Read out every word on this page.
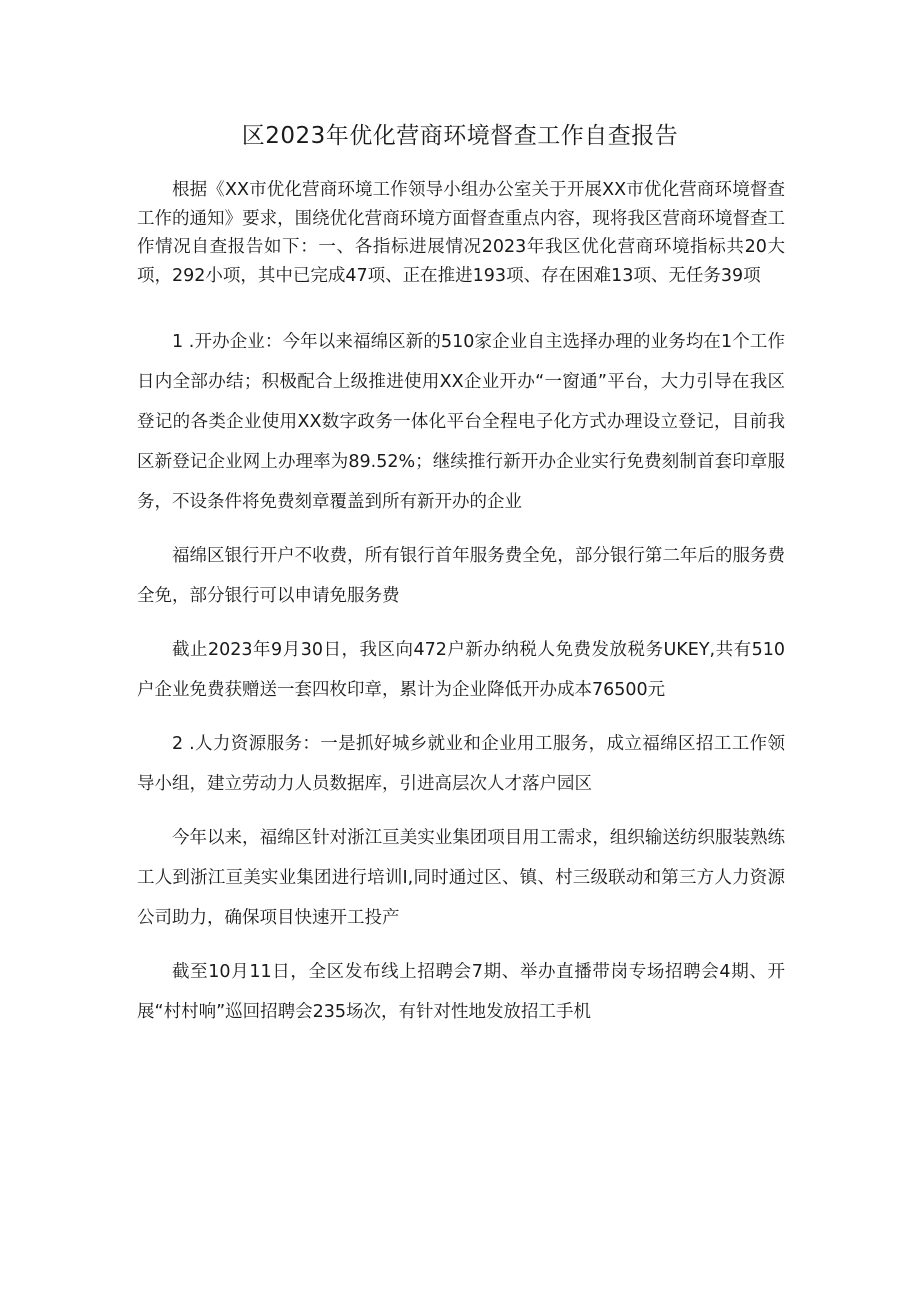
区2023年优化营商环境督查工作自查报告

根据《XX市优化营商环境工作领导小组办公室关于开展XX市优化营商环境督查工作的通知》要求，围绕优化营商环境方面督查重点内容，现将我区营商环境督查工作情况自查报告如下：一、各指标进展情况2023年我区优化营商环境指标共20大项，292小项，其中已完成47项、正在推进193项、存在困难13项、无任务39项

1 .开办企业：今年以来福绵区新的510家企业自主选择办理的业务均在1个工作日内全部办结；积极配合上级推进使用XX企业开办“一窗通”平台，大力引导在我区登记的各类企业使用XX数字政务一体化平台全程电子化方式办理设立登记，目前我区新登记企业网上办理率为89.52%；继续推行新开办企业实行免费刻制首套印章服务，不设条件将免费刻章覆盖到所有新开办的企业

福绵区银行开户不收费，所有银行首年服务费全免，部分银行第二年后的服务费全免，部分银行可以申请免服务费

截止2023年9月30日，我区向472户新办纳税人免费发放税务UKEY,共有510户企业免费获赠送一套四枚印章，累计为企业降低开办成本76500元

2 .人力资源服务：一是抓好城乡就业和企业用工服务，成立福绵区招工工作领导小组，建立劳动力人员数据库，引进高层次人才落户园区

今年以来，福绵区针对浙江亘美实业集团项目用工需求，组织输送纺织服装熟练工人到浙江亘美实业集团进行培训I,同时通过区、镇、村三级联动和第三方人力资源公司助力，确保项目快速开工投产

截至10月11日，全区发布线上招聘会7期、举办直播带岗专场招聘会4期、开展“村村响”巡回招聘会235场次，有针对性地发放招工手机
